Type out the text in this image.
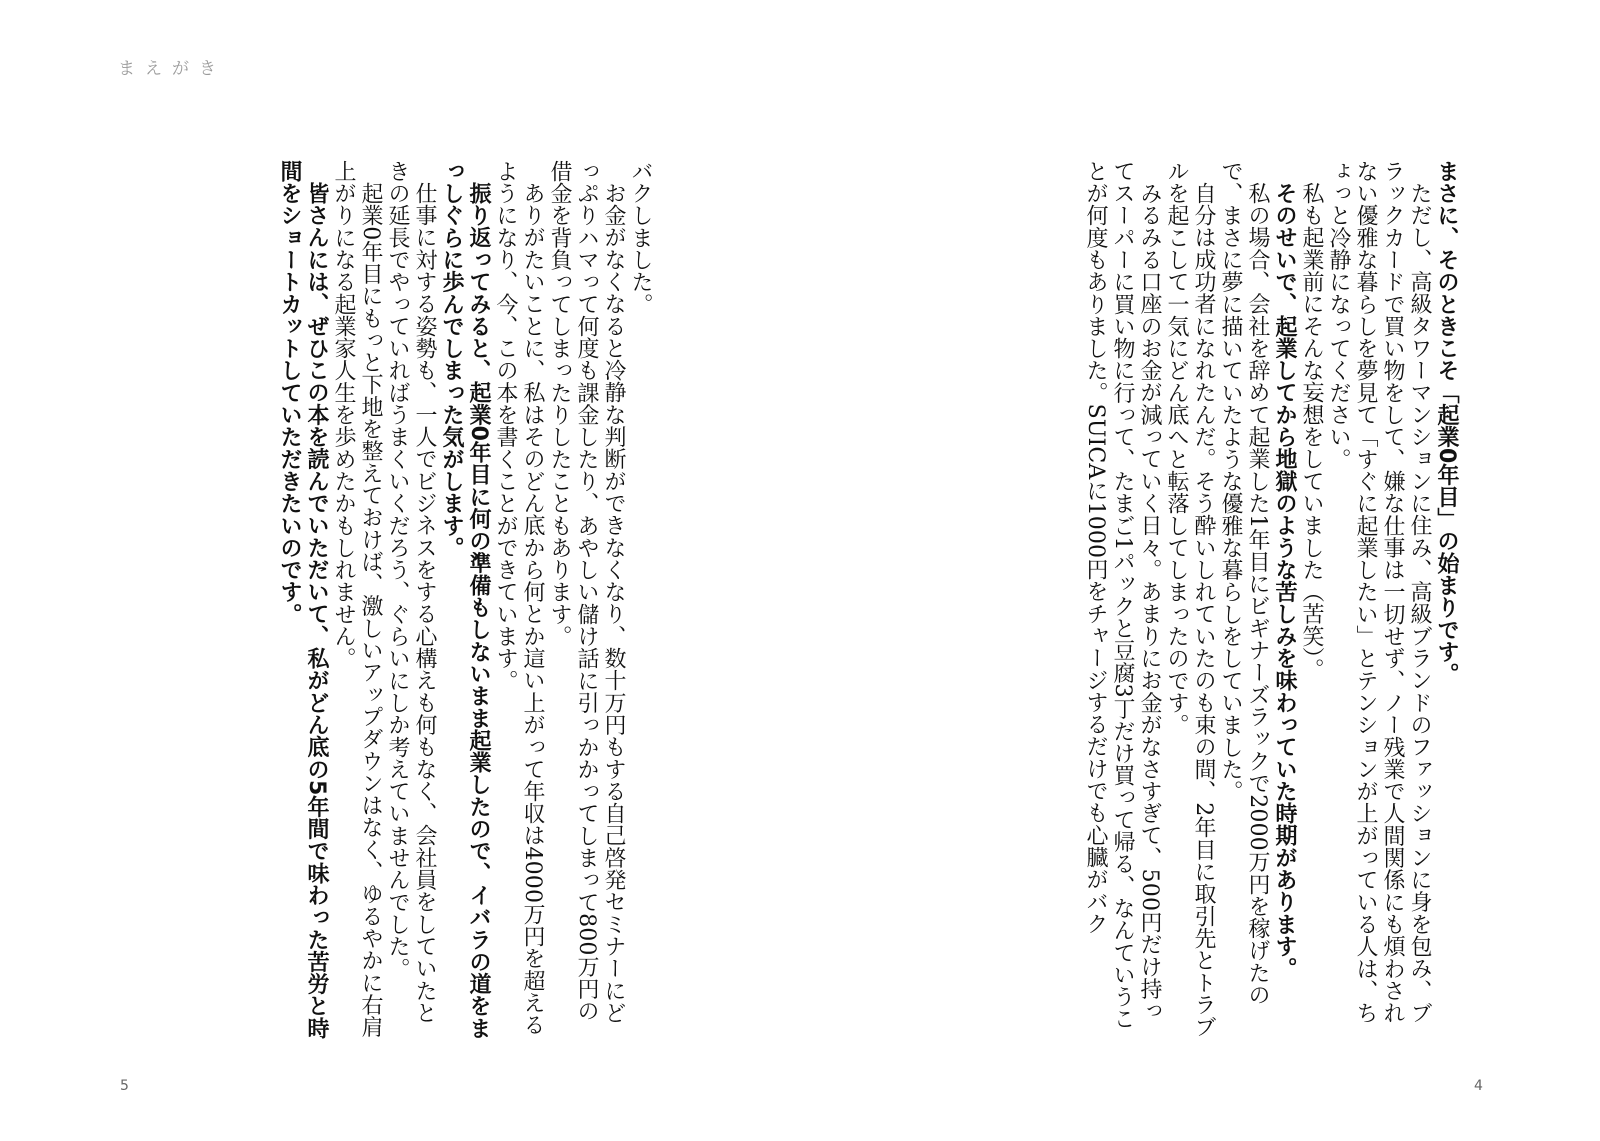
まえがき

まさに、そのときこそ「起業0年目」の始まりです。

ただし、高級タワーマンションに住み、高級ブランドのファッションに身を包み、ブラックカードで買い物をして、嫌な仕事は一切せず、ノー残業で人間関係にも煩わされない優雅な暮らしを夢見て「すぐに起業したい」とテンションが上がっている人は、ちょっと冷静になってください。

私も起業前にそんな妄想をしていました（苦笑）。

そのせいで、起業してから地獄のような苦しみを味わっていた時期があります。

私の場合、会社を辞めて起業した1年目にビギナーズラックで2000万円を稼げたので、まさに夢に描いていたような優雅な暮らしをしていました。

自分は成功者になれたんだ。そう酔いしれていたのも束の間、2年目に取引先とトラブルを起こして一気にどん底へと転落してしまったのです。

みるみる口座のお金が減っていく日々。あまりにお金がなさすぎて、500円だけ持ってスーパーに買い物に行って、たまご1パックと豆腐3丁だけ買って帰る、なんていうことが何度もありました。SUICAに1000円をチャージするだけでも心臓がバク

バクしました。

お金がなくなると冷静な判断ができなくなり、数十万円もする自己啓発セミナーにどっぷりハマって何度も課金したり、あやしい儲け話に引っかかってしまって800万円の借金を背負ってしまったりしたこともあります。

ありがたいことに、私はそのどん底から何とか這い上がって年収は4000万円を超えるようになり、今、この本を書くことができています。

振り返ってみると、起業0年目に何の準備もしないまま起業したので、イバラの道をまっしぐらに歩んでしまった気がします。

仕事に対する姿勢も、一人でビジネスをする心構えも何もなく、会社員をしていたときの延長でやっていればうまくいくだろう、ぐらいにしか考えていませんでした。

起業0年目にもっと下地を整えておけば、激しいアップダウンはなく、ゆるやかに右肩上がりになる起業家人生を歩めたかもしれません。

皆さんには、ぜひこの本を読んでいただいて、私がどん底の5年間で味わった苦労と時間をショートカットしていただきたいのです。

5	4
